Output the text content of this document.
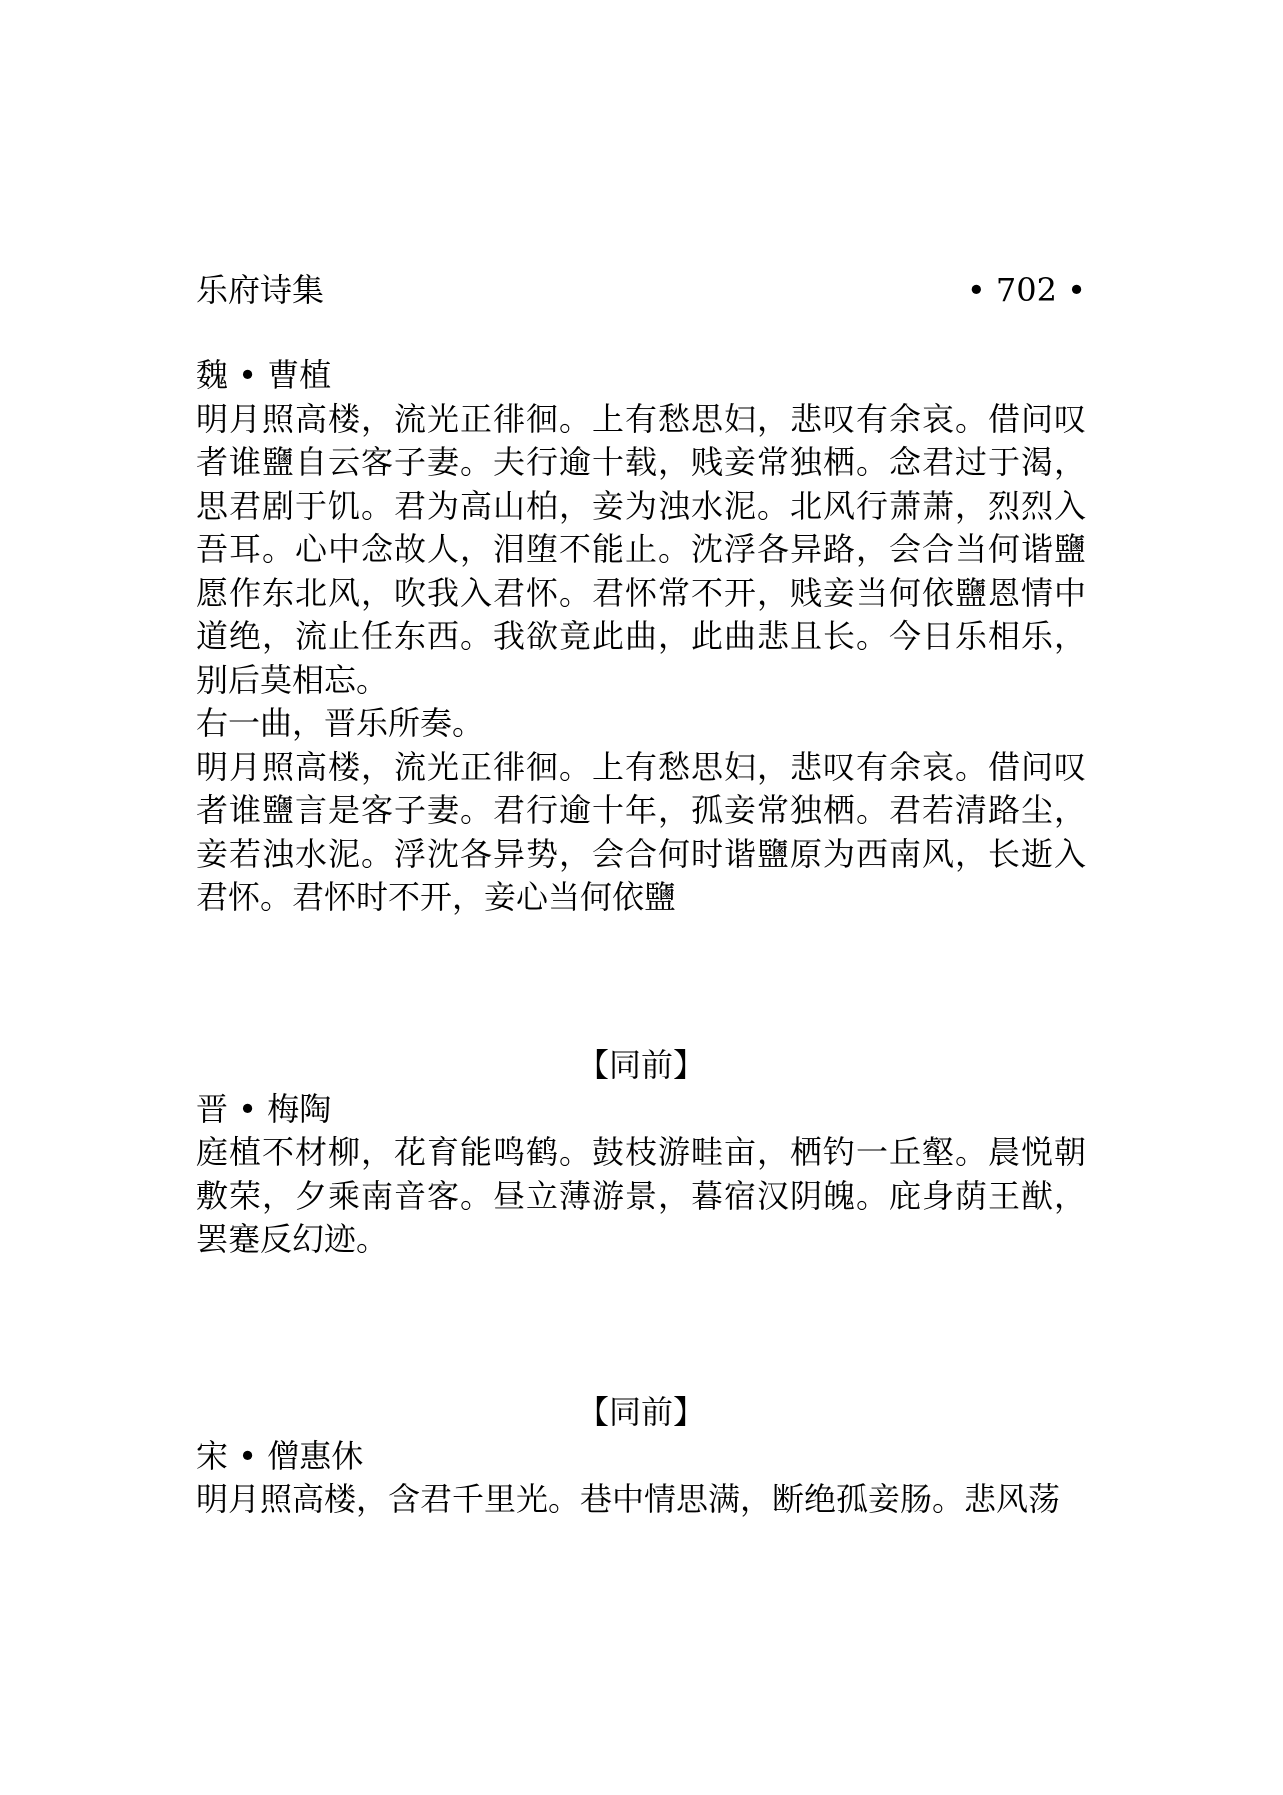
乐府诗集	• 702 •

魏 • 曹植

明月照高楼，流光正徘徊。上有愁思妇，悲叹有余哀。借问叹者谁鹽自云客子妻。夫行逾十载，贱妾常独栖。念君过于渴，思君剧于饥。君为高山柏，妾为浊水泥。北风行萧萧，烈烈入吾耳。心中念故人，泪堕不能止。沈浮各异路，会合当何谐鹽愿作东北风，吹我入君怀。君怀常不开，贱妾当何依鹽恩情中道绝，流止任东西。我欲竟此曲，此曲悲且长。今日乐相乐，别后莫相忘。

右一曲，晋乐所奏。

明月照高楼，流光正徘徊。上有愁思妇，悲叹有余哀。借问叹者谁鹽言是客子妻。君行逾十年，孤妾常独栖。君若清路尘，妾若浊水泥。浮沈各异势，会合何时谐鹽原为西南风，长逝入君怀。君怀时不开，妾心当何依鹽

【同前】

晋 • 梅陶

庭植不材柳，花育能鸣鹤。鼓枝游畦亩，栖钓一丘壑。晨悦朝敷荣，夕乘南音客。昼立薄游景，暮宿汉阴魄。庇身荫王猷，罢蹇反幻迹。

【同前】

宋 • 僧惠休

明月照高楼，含君千里光。巷中情思满，断绝孤妾肠。悲风荡
